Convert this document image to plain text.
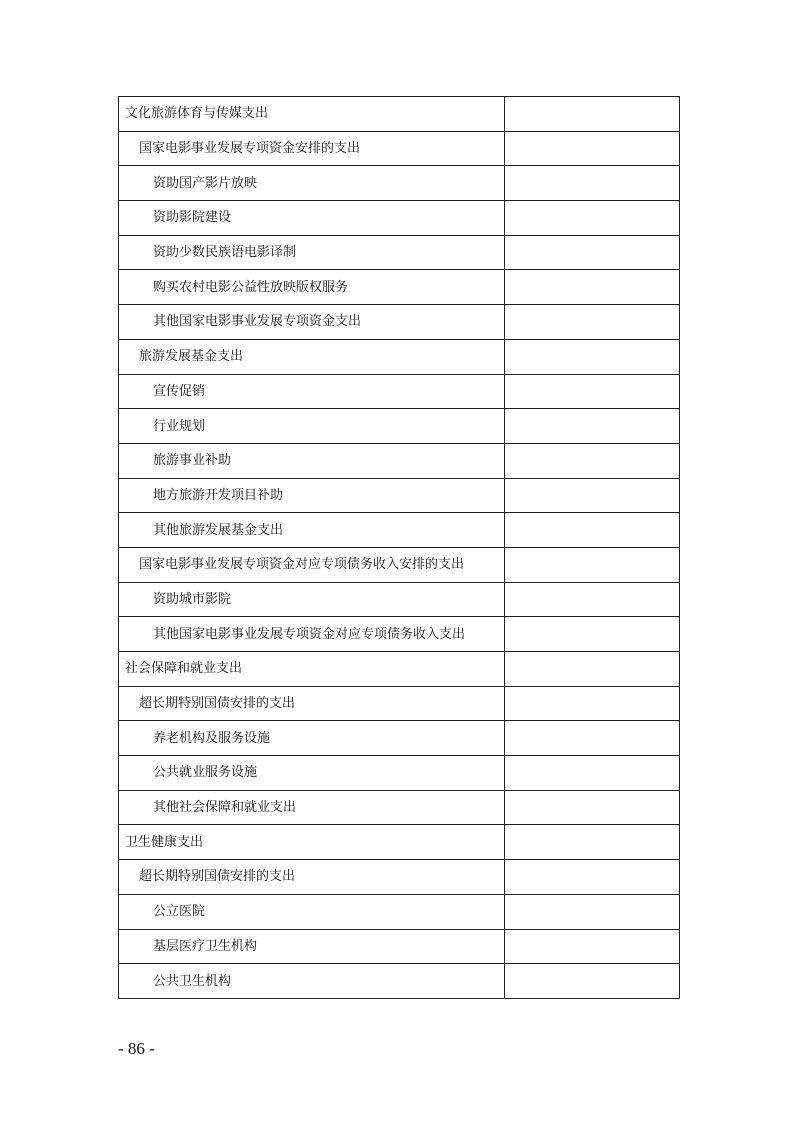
文化旅游体育与传媒支出	
国家电影事业发展专项资金安排的支出	
资助国产影片放映	
资助影院建设	
资助少数民族语电影译制	
购买农村电影公益性放映版权服务	
其他国家电影事业发展专项资金支出	
旅游发展基金支出	
宣传促销	
行业规划	
旅游事业补助	
地方旅游开发项目补助	
其他旅游发展基金支出	
国家电影事业发展专项资金对应专项债务收入安排的支出	
资助城市影院	
其他国家电影事业发展专项资金对应专项债务收入支出	
社会保障和就业支出	
超长期特别国债安排的支出	
养老机构及服务设施	
公共就业服务设施	
其他社会保障和就业支出	
卫生健康支出	
超长期特别国债安排的支出	
公立医院	
基层医疗卫生机构	
公共卫生机构	
- 86 -
